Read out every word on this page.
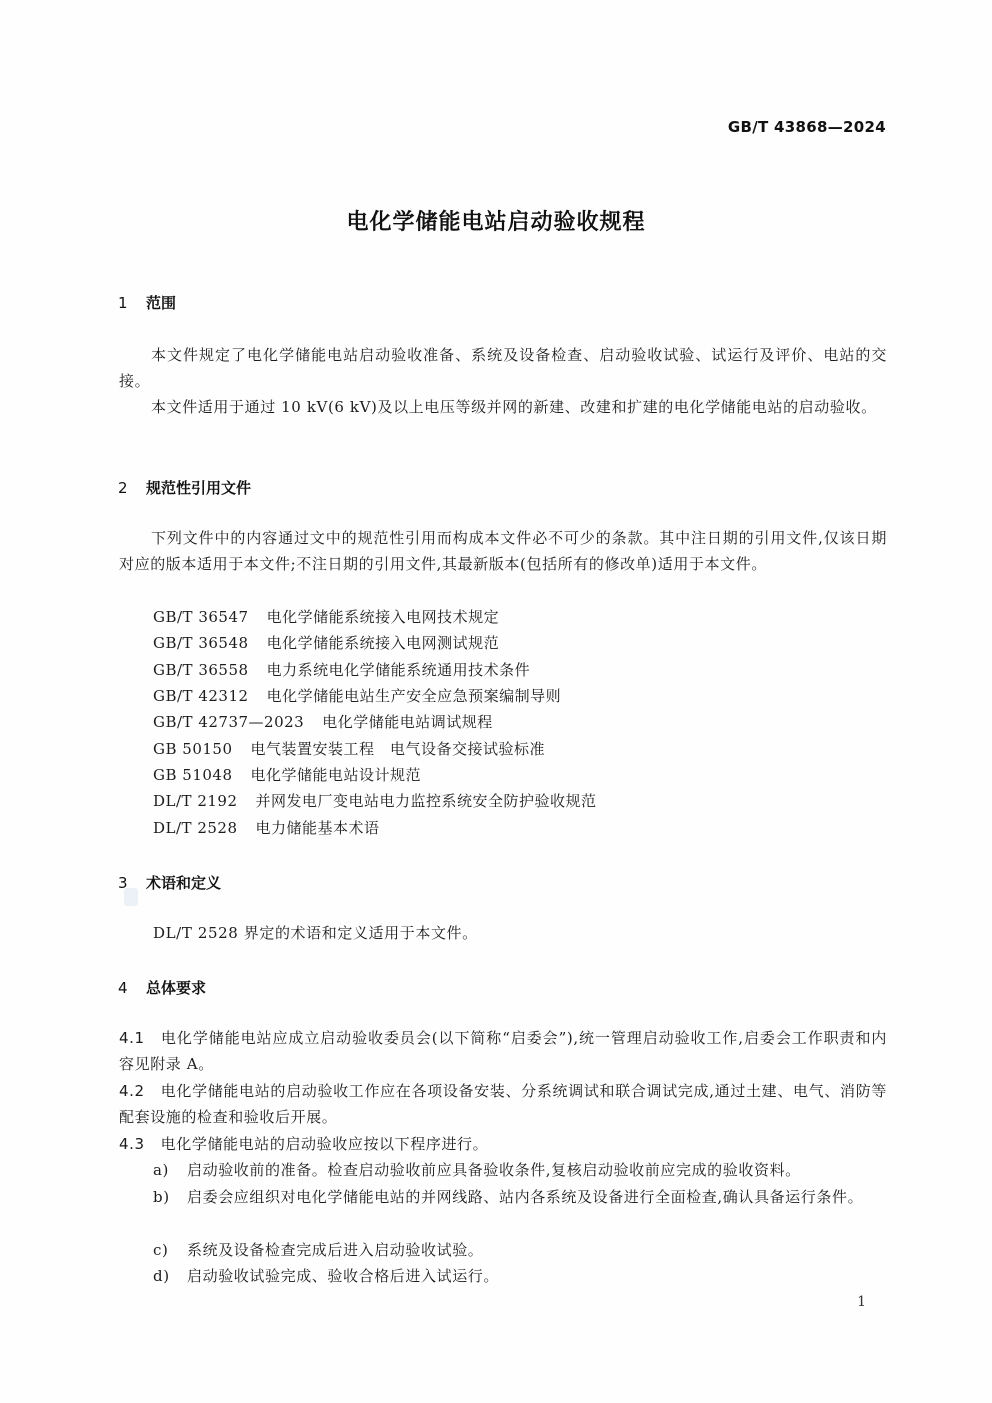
GB/T 43868—2024
电化学储能电站启动验收规程
1 范围
本文件规定了电化学储能电站启动验收准备、系统及设备检查、启动验收试验、试运行及评价、电站的交接。
本文件适用于通过 10 kV(6 kV)及以上电压等级并网的新建、改建和扩建的电化学储能电站的启动验收。
2 规范性引用文件
下列文件中的内容通过文中的规范性引用而构成本文件必不可少的条款。其中注日期的引用文件,仅该日期对应的版本适用于本文件;不注日期的引用文件,其最新版本(包括所有的修改单)适用于本文件。
GB/T 36547 电化学储能系统接入电网技术规定
GB/T 36548 电化学储能系统接入电网测试规范
GB/T 36558 电力系统电化学储能系统通用技术条件
GB/T 42312 电化学储能电站生产安全应急预案编制导则
GB/T 42737—2023 电化学储能电站调试规程
GB 50150 电气装置安装工程　电气设备交接试验标准
GB 51048 电化学储能电站设计规范
DL/T 2192 并网发电厂变电站电力监控系统安全防护验收规范
DL/T 2528 电力储能基本术语
3 术语和定义
DL/T 2528 界定的术语和定义适用于本文件。
4 总体要求
4.1 电化学储能电站应成立启动验收委员会(以下简称“启委会”),统一管理启动验收工作,启委会工作职责和内容见附录 A。
4.2 电化学储能电站的启动验收工作应在各项设备安装、分系统调试和联合调试完成,通过土建、电气、消防等配套设施的检查和验收后开展。
4.3 电化学储能电站的启动验收应按以下程序进行。
a)	启动验收前的准备。检查启动验收前应具备验收条件,复核启动验收前应完成的验收资料。
b)	启委会应组织对电化学储能电站的并网线路、站内各系统及设备进行全面检查,确认具备运行条件。
c)	系统及设备检查完成后进入启动验收试验。
d)	启动验收试验完成、验收合格后进入试运行。
1
